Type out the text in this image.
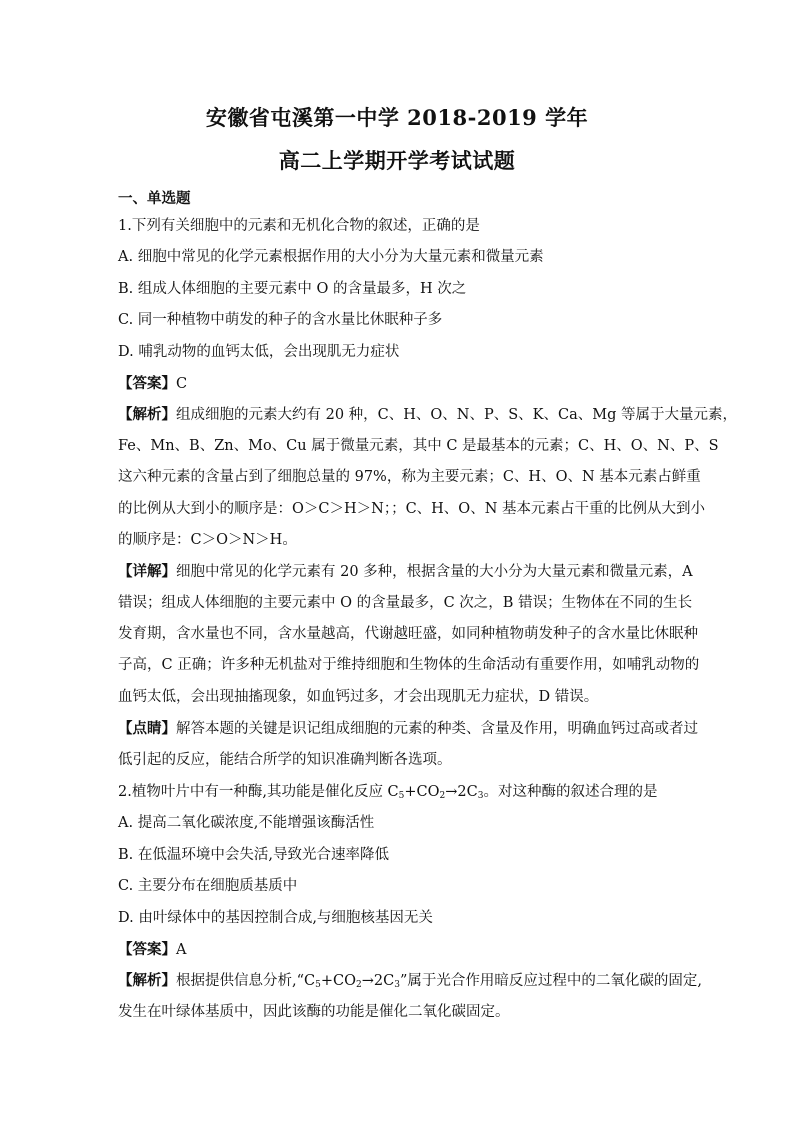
安徽省屯溪第一中学 2018-2019 学年
高二上学期开学考试试题
一、单选题
1.下列有关细胞中的元素和无机化合物的叙述，正确的是
A. 细胞中常见的化学元素根据作用的大小分为大量元素和微量元素
B. 组成人体细胞的主要元素中 O 的含量最多，H 次之
C. 同一种植物中萌发的种子的含水量比休眠种子多
D. 哺乳动物的血钙太低，会出现肌无力症状
【答案】C
【解析】组成细胞的元素大约有 20 种，C、H、O、N、P、S、K、Ca、Mg 等属于大量元素，
Fe、Mn、B、Zn、Mo、Cu 属于微量元素，其中 C 是最基本的元素；C、H、O、N、P、S
这六种元素的含量占到了细胞总量的 97%，称为主要元素；C、H、O、N 基本元素占鲜重
的比例从大到小的顺序是：O＞C＞H＞N；；C、H、O、N 基本元素占干重的比例从大到小
的顺序是：C＞O＞N＞H。
【详解】细胞中常见的化学元素有 20 多种，根据含量的大小分为大量元素和微量元素，A
错误；组成人体细胞的主要元素中 O 的含量最多，C 次之，B 错误；生物体在不同的生长
发育期，含水量也不同，含水量越高，代谢越旺盛，如同种植物萌发种子的含水量比休眠种
子高，C 正确；许多种无机盐对于维持细胞和生物体的生命活动有重要作用，如哺乳动物的
血钙太低，会出现抽搐现象，如血钙过多，才会出现肌无力症状，D 错误。
【点睛】解答本题的关键是识记组成细胞的元素的种类、含量及作用，明确血钙过高或者过
低引起的反应，能结合所学的知识准确判断各选项。
2.植物叶片中有一种酶,其功能是催化反应 $C_5+CO_2\to 2C_3$。对这种酶的叙述合理的是
A. 提高二氧化碳浓度,不能增强该酶活性
B. 在低温环境中会失活,导致光合速率降低
C. 主要分布在细胞质基质中
D. 由叶绿体中的基因控制合成,与细胞核基因无关
【答案】A
【解析】根据提供信息分析$,“C_5+CO_2\to 2C_3$”属于光合作用暗反应过程中的二氧化碳的固定,
发生在叶绿体基质中，因此该酶的功能是催化二氧化碳固定。
